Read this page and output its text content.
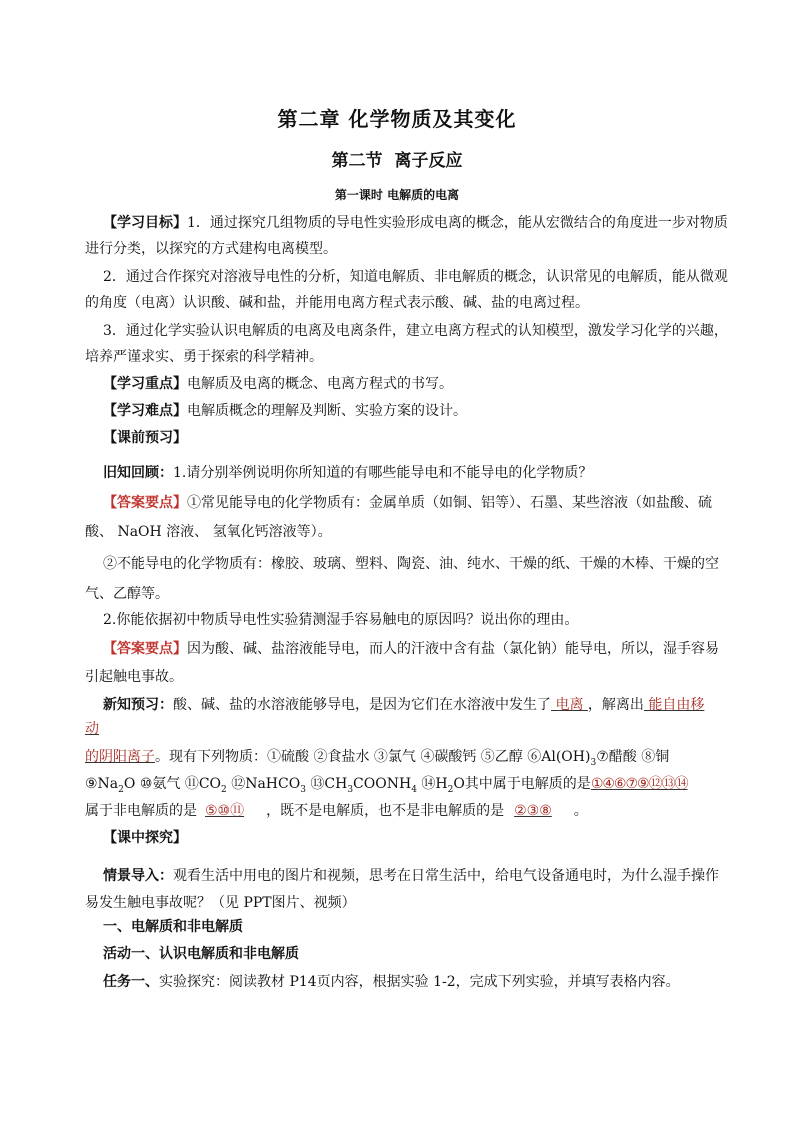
第二章 化学物质及其变化
第二节 离子反应
第一课时 电解质的电离
【学习目标】1．通过探究几组物质的导电性实验形成电离的概念，能从宏微结合的角度进一步对物质
进行分类，以探究的方式建构电离模型。
2．通过合作探究对溶液导电性的分析，知道电解质、非电解质的概念，认识常见的电解质，能从微观
的角度（电离）认识酸、碱和盐，并能用电离方程式表示酸、碱、盐的电离过程。
3．通过化学实验认识电解质的电离及电离条件，建立电离方程式的认知模型，激发学习化学的兴趣，
培养严谨求实、勇于探索的科学精神。
【学习重点】电解质及电离的概念、电离方程式的书写。
【学习难点】电解质概念的理解及判断、实验方案的设计。
【课前预习】
旧知回顾：1.请分别举例说明你所知道的有哪些能导电和不能导电的化学物质？
【答案要点】①常见能导电的化学物质有：金属单质（如铜、铝等）、石墨、某些溶液（如盐酸、硫
酸、 NaOH 溶液、 氢氧化钙溶液等）。
②不能导电的化学物质有：橡胶、玻璃、塑料、陶瓷、油、纯水、干燥的纸、干燥的木棒、干燥的空
气、乙醇等。
2.你能依据初中物质导电性实验猜测湿手容易触电的原因吗？说出你的理由。
【答案要点】因为酸、碱、盐溶液能导电，而人的汗液中含有盐（氯化钠）能导电，所以，湿手容易
引起触电事故。
新知预习：酸、碱、盐的水溶液能够导电，是因为它们在水溶液中发生了 电离 ，解离出 能自由移
动
的阴阳离子。现有下列物质：①硫酸 ②食盐水 ③氯气 ④碳酸钙 ⑤乙醇 $⑥Al(OH)_3⑦$醋酸 ⑧铜
$⑨Na_2O$ ⑩氨气 $⑪CO_2$ ⑫NaHCO$_3$ $⑬CH_3COONH_4$ $⑭H_2O$其中属于电解质的是①④⑥⑦⑨⑫⑬⑭
属于非电解质的是 ⑤⑩⑪ ，既不是电解质，也不是非电解质的是 ②③⑧ 。
【课中探究】
情景导入：观看生活中用电的图片和视频，思考在日常生活中，给电气设备通电时，为什么湿手操作
易发生触电事故呢？（见 PPT图片、视频）
一、电解质和非电解质
活动一、认识电解质和非电解质
任务一、实验探究：阅读教材 P14页内容，根据实验 1-2，完成下列实验，并填写表格内容。
